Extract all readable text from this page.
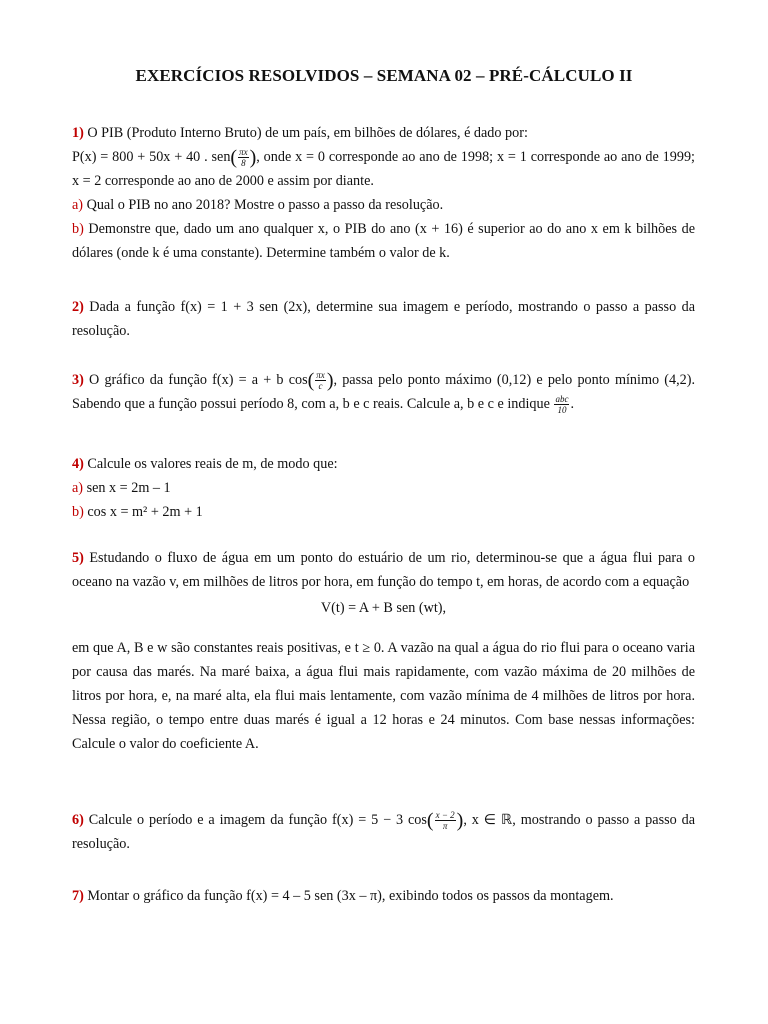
EXERCÍCIOS RESOLVIDOS – SEMANA 02 – PRÉ-CÁLCULO II
1) O PIB (Produto Interno Bruto) de um país, em bilhões de dólares, é dado por:
P(x) = 800 + 50x + 40 . $sen( \frac{\pi x}{8}$ ), onde x = 0 corresponde ao ano de 1998; x = 1 corresponde ao ano de 1999; x = 2 corresponde ao ano de 2000 e assim por diante.
a) Qual o PIB no ano 2018? Mostre o passo a passo da resolução.
b) Demonstre que, dado um ano qualquer x, o PIB do ano (x + 16) é superior ao do ano x em k bilhões de dólares (onde k é uma constante). Determine também o valor de k.
2) Dada a função f(x) = 1 + 3 sen (2x), determine sua imagem e período, mostrando o passo a passo da resolução.
3) O gráfico da função f(x) = a + b $\cos( \frac{\pi x}{c}$ ), passa pelo ponto máximo (0,12) e pelo ponto mínimo (4,2). Sabendo que a função possui período 8, com a, b e c reais. Calcule a, b e c e indique $\frac{\text{abc}}{10}$ .
4) Calcule os valores reais de m, de modo que:
a) sen x = 2m – 1
b) cos x = m² + 2m + 1
5) Estudando o fluxo de água em um ponto do estuário de um rio, determinou-se que a água flui para o oceano na vazão v, em milhões de litros por hora, em função do tempo t, em horas, de acordo com a equação
V(t) = A + B sen (wt),
em que A, B e w são constantes reais positivas, e t ≥ 0. A vazão na qual a água do rio flui para o oceano varia por causa das marés. Na maré baixa, a água flui mais rapidamente, com vazão máxima de 20 milhões de litros por hora, e, na maré alta, ela flui mais lentamente, com vazão mínima de 4 milhões de litros por hora. Nessa região, o tempo entre duas marés é igual a 12 horas e 24 minutos. Com base nessas informações: Calcule o valor do coeficiente A.
6) Calcule o período e a imagem da função f(x) = 5 − 3 $\cos( \frac{x - 2}{\pi}$ ), x ∈ ℝ, mostrando o passo a passo da resolução.
7) Montar o gráfico da função f(x) = 4 – 5 sen (3x – π), exibindo todos os passos da montagem.
